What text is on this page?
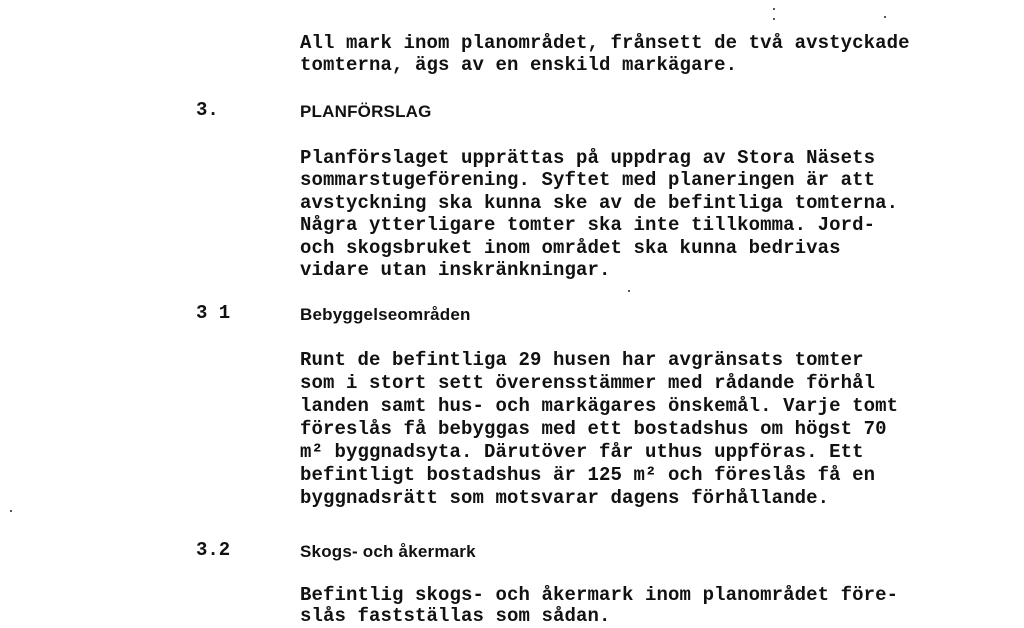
All mark inom planområdet, frånsett de två avstyckade
tomterna, ägs av en enskild markägare.
3.	PLANFÖRSLAG
Planförslaget upprättas på uppdrag av Stora Näsets
sommarstugeförening. Syftet med planeringen är att
avstyckning ska kunna ske av de befintliga tomterna.
Några ytterligare tomter ska inte tillkomma. Jord-
och skogsbruket inom området ska kunna bedrivas
vidare utan inskränkningar.
3 1	Bebyggelseområden
Runt de befintliga 29 husen har avgränsats tomter
som i stort sett överensstämmer med rådande förhål
landen samt hus- och markägares önskemål. Varje tomt
föreslås få bebyggas med ett bostadshus om högst 70
m² byggnadsyta. Därutöver får uthus uppföras. Ett
befintligt bostadshus är 125 m² och föreslås få en
byggnadsrätt som motsvarar dagens förhållande.
3.2	Skogs- och åkermark
Befintlig skogs- och åkermark inom planområdet före-
slås fastställas som sådan.
